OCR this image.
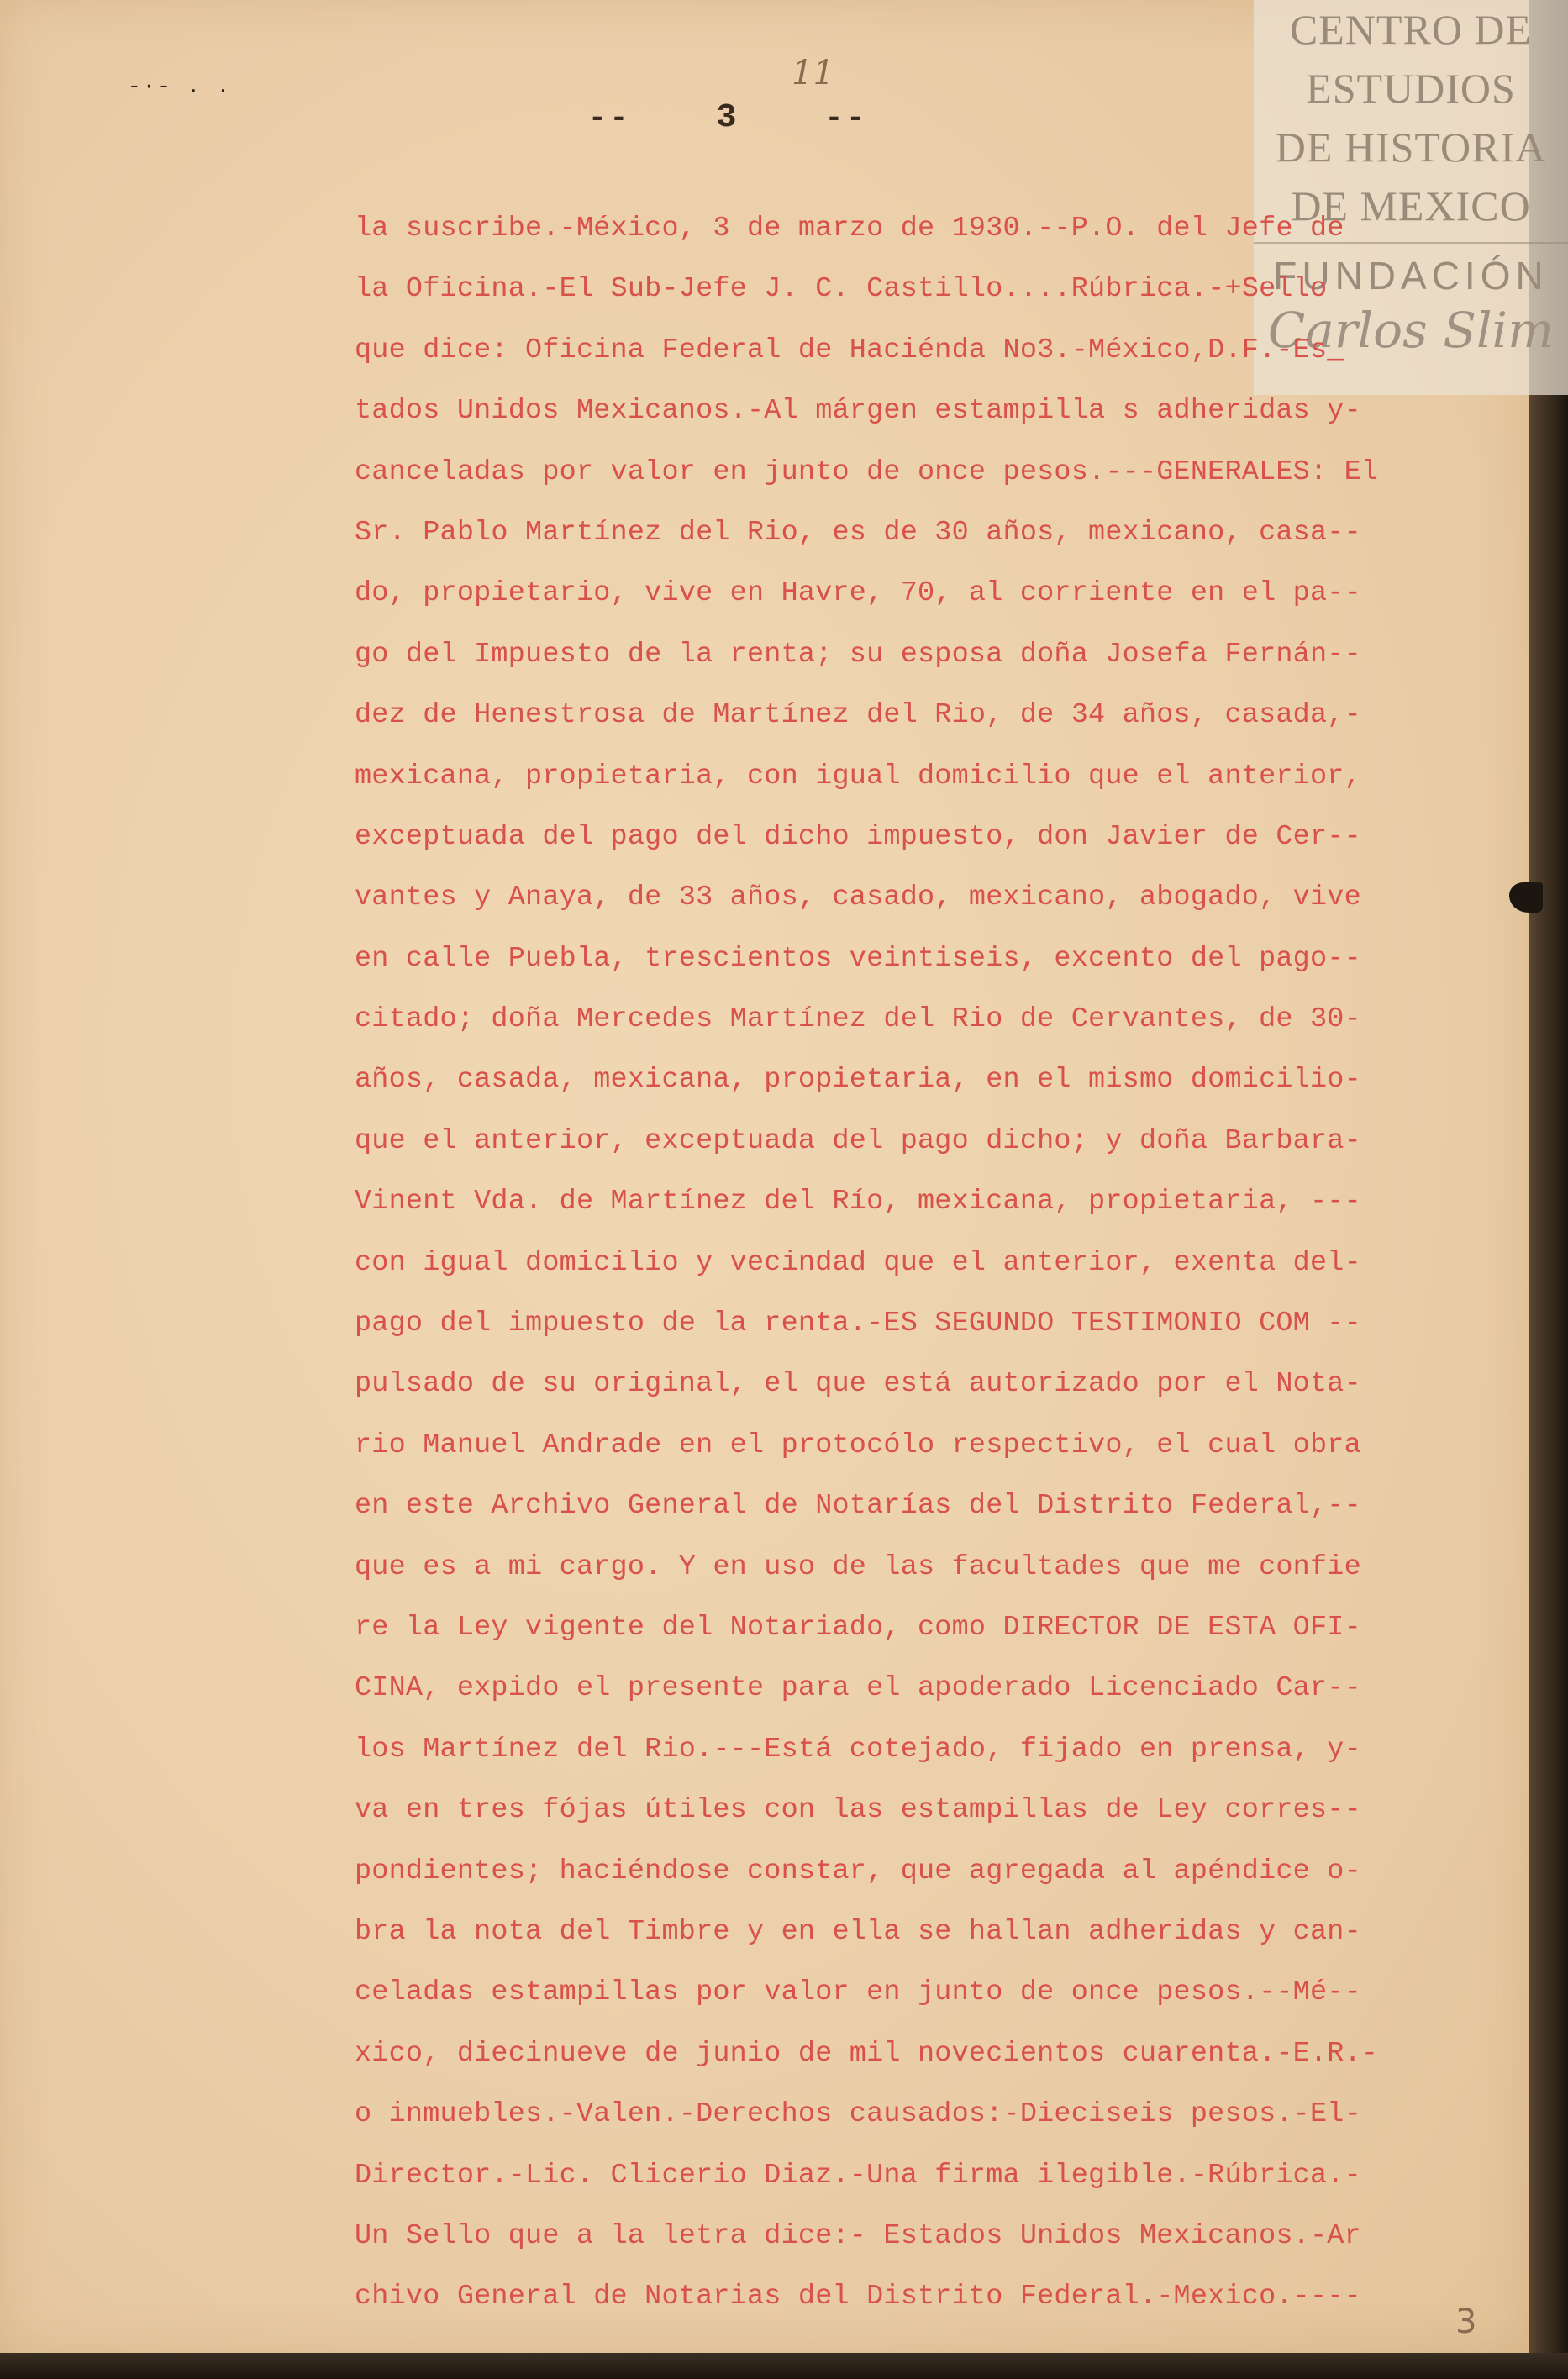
CENTRO DE
ESTUDIOS
DE HISTORIA
DE MEXICO
FUNDACIÓN
Carlos Slim
-·- . .	11
--	3	--
la suscribe.-México, 3 de marzo de 1930.--P.O. del Jefe de
la Oficina.-El Sub-Jefe J. C. Castillo....Rúbrica.-+Sello
que dice: Oficina Federal de Haciénda No3.-México,D.F.-Es_
tados Unidos Mexicanos.-Al márgen estampilla s adheridas y-
canceladas por valor en junto de once pesos.---GENERALES: El
Sr. Pablo Martínez del Rio, es de 30 años, mexicano, casa--
do, propietario, vive en Havre, 70, al corriente en el pa--
go del Impuesto de la renta; su esposa doña Josefa Fernán--
dez de Henestrosa de Martínez del Rio, de 34 años, casada,-
mexicana, propietaria, con igual domicilio que el anterior,
exceptuada del pago del dicho impuesto, don Javier de Cer--
vantes y Anaya, de 33 años, casado, mexicano, abogado, vive
en calle Puebla, trescientos veintiseis, excento del pago--
citado; doña Mercedes Martínez del Rio de Cervantes, de 30-
años, casada, mexicana, propietaria, en el mismo domicilio-
que el anterior, exceptuada del pago dicho; y doña Barbara-
Vinent Vda. de Martínez del Río, mexicana, propietaria, ---
con igual domicilio y vecindad que el anterior, exenta del-
pago del impuesto de la renta.-ES SEGUNDO TESTIMONIO COM --
pulsado de su original, el que está autorizado por el Nota-
rio Manuel Andrade en el protocólo respectivo, el cual obra
en este Archivo General de Notarías del Distrito Federal,--
que es a mi cargo. Y en uso de las facultades que me confie
re la Ley vigente del Notariado, como DIRECTOR DE ESTA OFI-
CINA, expido el presente para el apoderado Licenciado Car--
los Martínez del Rio.---Está cotejado, fijado en prensa, y-
va en tres fójas útiles con las estampillas de Ley corres--
pondientes; haciéndose constar, que agregada al apéndice o-
bra la nota del Timbre y en ella se hallan adheridas y can-
celadas estampillas por valor en junto de once pesos.--Mé--
xico, diecinueve de junio de mil novecientos cuarenta.-E.R.-
o inmuebles.-Valen.-Derechos causados:-Dieciseis pesos.-El-
Director.-Lic. Clicerio Diaz.-Una firma ilegible.-Rúbrica.-
Un Sello que a la letra dice:- Estados Unidos Mexicanos.-Ar
chivo General de Notarias del Distrito Federal.-Mexico.----
3
